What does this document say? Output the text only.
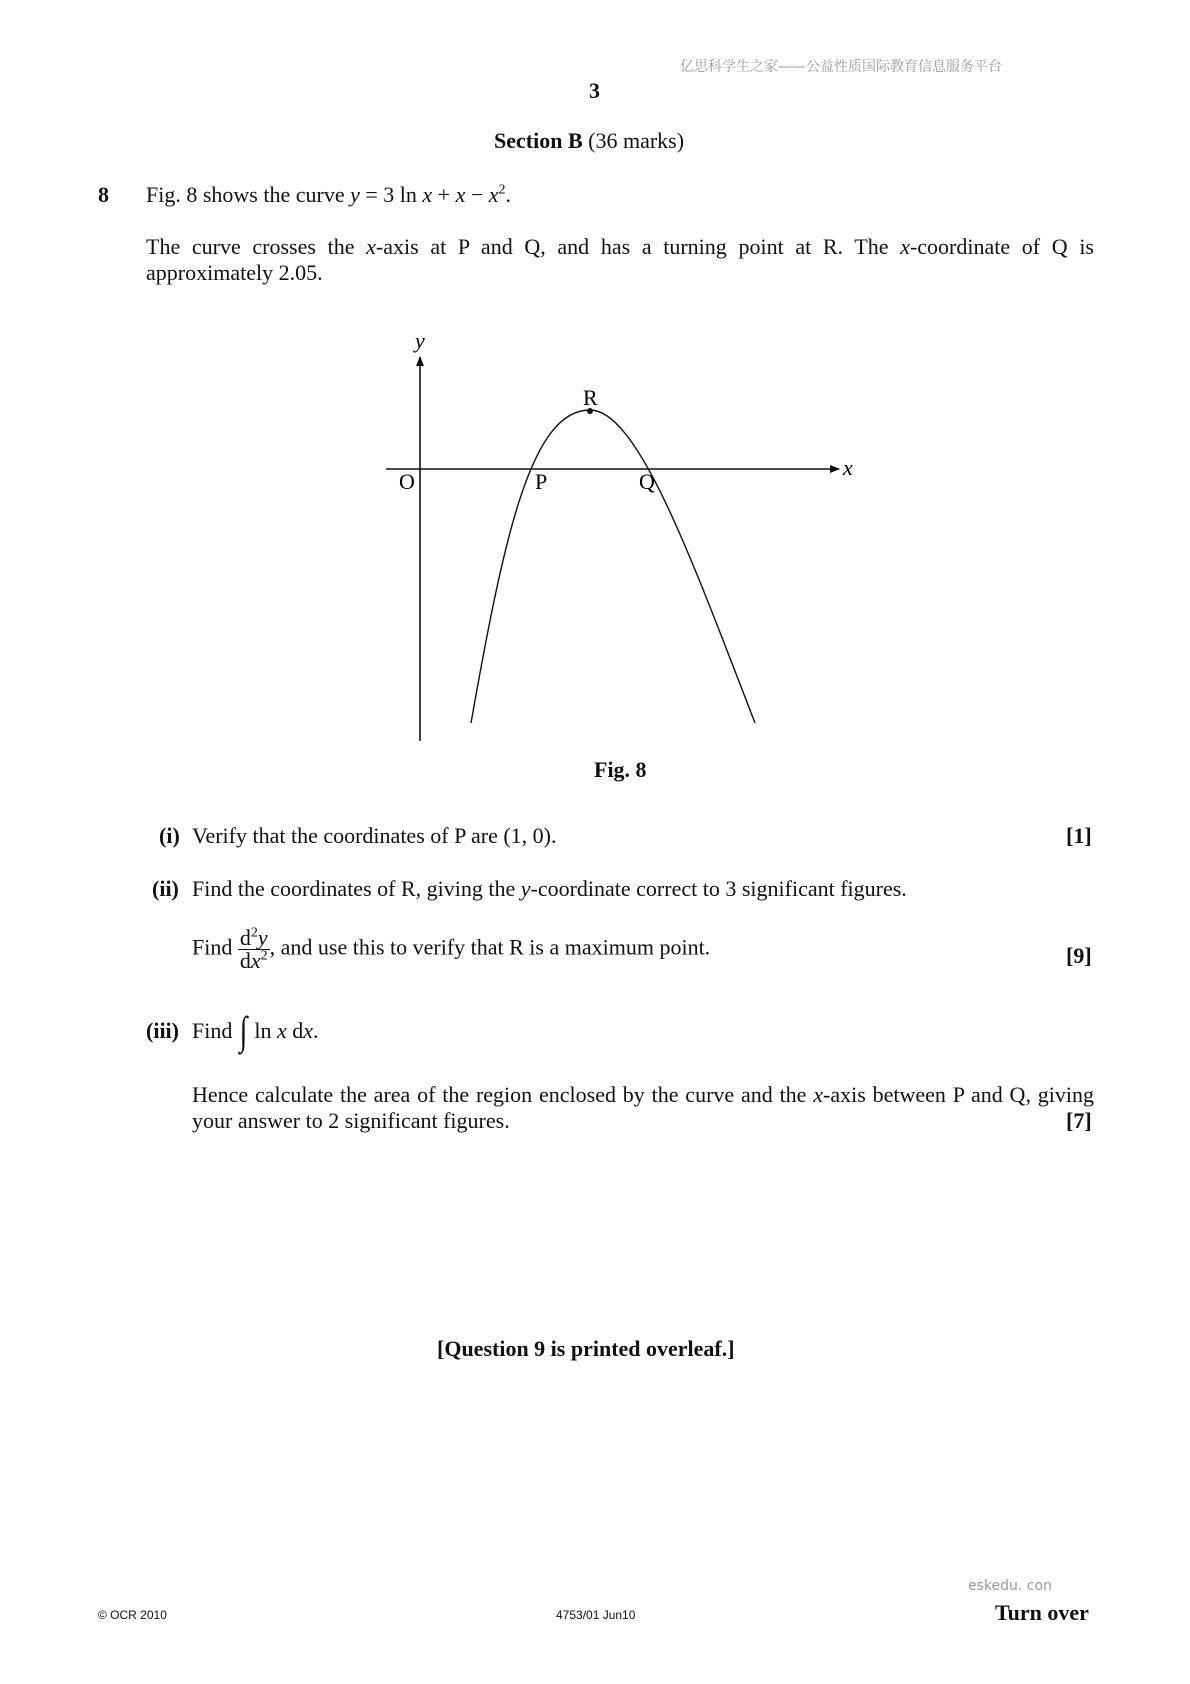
亿思科学生之家——公益性质国际教育信息服务平台
3
Section B (36 marks)
8 Fig. 8 shows the curve y = 3 $\ln x + x - x^2$.
The curve crosses the x-axis at P and Q, and has a turning point at R. The x-coordinate of Q is approximately 2.05.
y
x
O	P	Q
R
Fig. 8
(i) Verify that the coordinates of P are (1, 0).	[1]
(ii) Find the coordinates of R, giving the y-coordinate correct to 3 significant figures.
Find $\frac{d^2y}{dx^2}$ , and use this to verify that R is a maximum point.	[9]
(iii) Find ∫ ln x dx.
Hence calculate the area of the region enclosed by the curve and the x-axis between P and Q, giving your answer to 2 significant figures.	[7]
[Question 9 is printed overleaf.]
eskedu. con
© OCR 2010	4753/01 Jun10	Turn over
